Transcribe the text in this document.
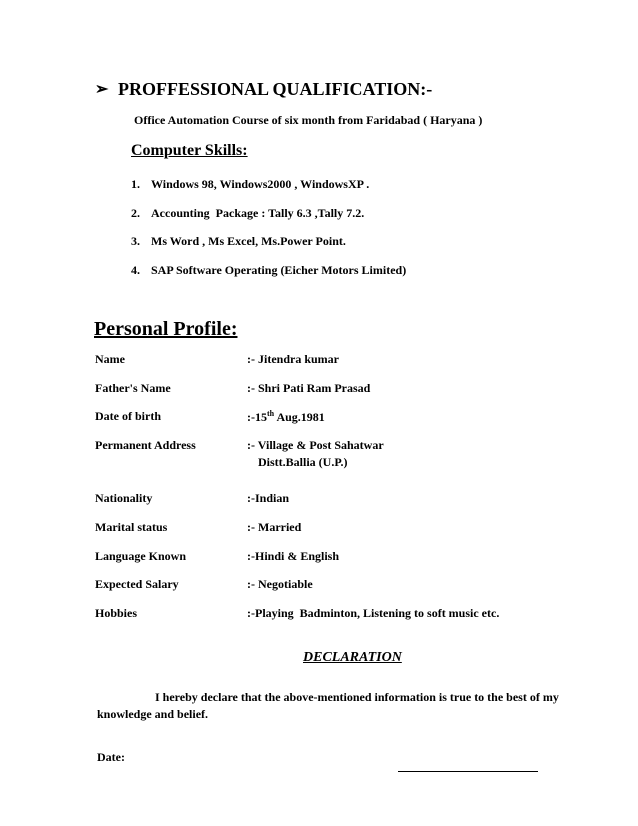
➢ PROFFESSIONAL QUALIFICATION:-
Office Automation Course of six month from Faridabad ( Haryana )
Computer Skills:
1. Windows 98, Windows2000 , WindowsXP .
2. Accounting  Package : Tally 6.3 ,Tally 7.2.
3. Ms Word , Ms Excel, Ms.Power Point.
4. SAP Software Operating (Eicher Motors Limited)
Personal Profile:
Name	:- Jitendra kumar
Father's Name	:- Shri Pati Ram Prasad
Date of birth	:-15th Aug.1981
Permanent Address	:- Village & Post Sahatwar
Distt.Ballia (U.P.)
Nationality	:-Indian
Marital status	:- Married
Language Known	:-Hindi & English
Expected Salary	:- Negotiable
Hobbies	:-Playing  Badminton, Listening to soft music etc.
DECLARATION
I hereby declare that the above-mentioned information is true to the best of my
knowledge and belief.
Date:
